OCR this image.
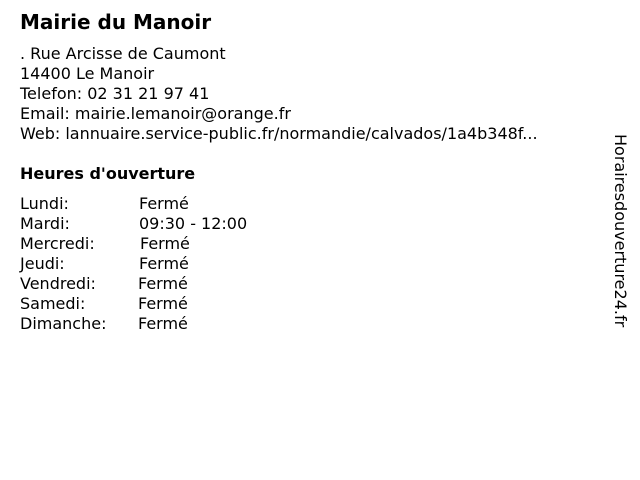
Mairie du Manoir
. Rue Arcisse de Caumont
14400 Le Manoir
Telefon: 02 31 21 97 41
Email: mairie.lemanoir@orange.fr
Web: lannuaire.service-public.fr/normandie/calvados/1a4b348f...
Heures d'ouverture
Lundi:	Fermé
Mardi:	09:30 - 12:00
Mercredi:	Fermé
Jeudi:	Fermé
Vendredi:	Fermé
Samedi:	Fermé
Dimanche: Fermé	Horairesdouverture24.fr
